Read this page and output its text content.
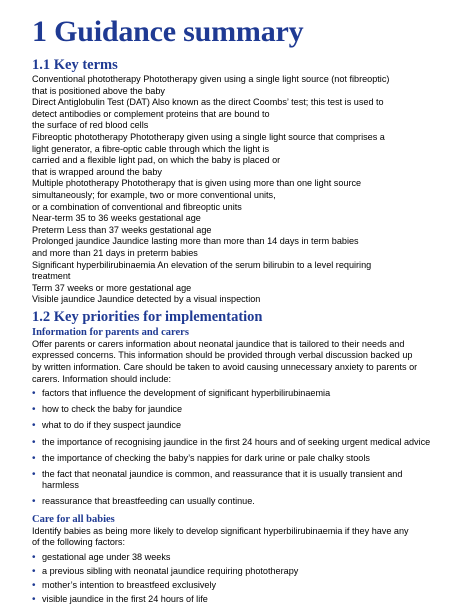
1 Guidance summary
1.1 Key terms
Conventional phototherapy Phototherapy given using a single light source (not fibreoptic)
that is positioned above the baby
Direct Antiglobulin Test (DAT) Also known as the direct Coombs’ test; this test is used to
detect antibodies or complement proteins that are bound to
the surface of red blood cells
Fibreoptic phototherapy Phototherapy given using a single light source that comprises a
light generator, a fibre-optic cable through which the light is
carried and a flexible light pad, on which the baby is placed or
that is wrapped around the baby
Multiple phototherapy Phototherapy that is given using more than one light source
simultaneously; for example, two or more conventional units,
or a combination of conventional and fibreoptic units
Near-term 35 to 36 weeks gestational age
Preterm Less than 37 weeks gestational age
Prolonged jaundice Jaundice lasting more than more than 14 days in term babies
and more than 21 days in preterm babies
Significant hyperbilirubinaemia An elevation of the serum bilirubin to a level requiring
treatment
Term 37 weeks or more gestational age
Visible jaundice Jaundice detected by a visual inspection
1.2 Key priorities for implementation
Information for parents and carers
Offer parents or carers information about neonatal jaundice that is tailored to their needs and
expressed concerns. This information should be provided through verbal discussion backed up
by written information. Care should be taken to avoid causing unnecessary anxiety to parents or
carers. Information should include:
• factors that influence the development of significant hyperbilirubinaemia
• how to check the baby for jaundice
• what to do if they suspect jaundice
• the importance of recognising jaundice in the first 24 hours and of seeking urgent medical advice
• the importance of checking the baby’s nappies for dark urine or pale chalky stools
• the fact that neonatal jaundice is common, and reassurance that it is usually transient and
harmless
• reassurance that breastfeeding can usually continue.
Care for all babies
Identify babies as being more likely to develop significant hyperbilirubinaemia if they have any
of the following factors:
• gestational age under 38 weeks
• a previous sibling with neonatal jaundice requiring phototherapy
• mother’s intention to breastfeed exclusively
• visible jaundice in the first 24 hours of life
